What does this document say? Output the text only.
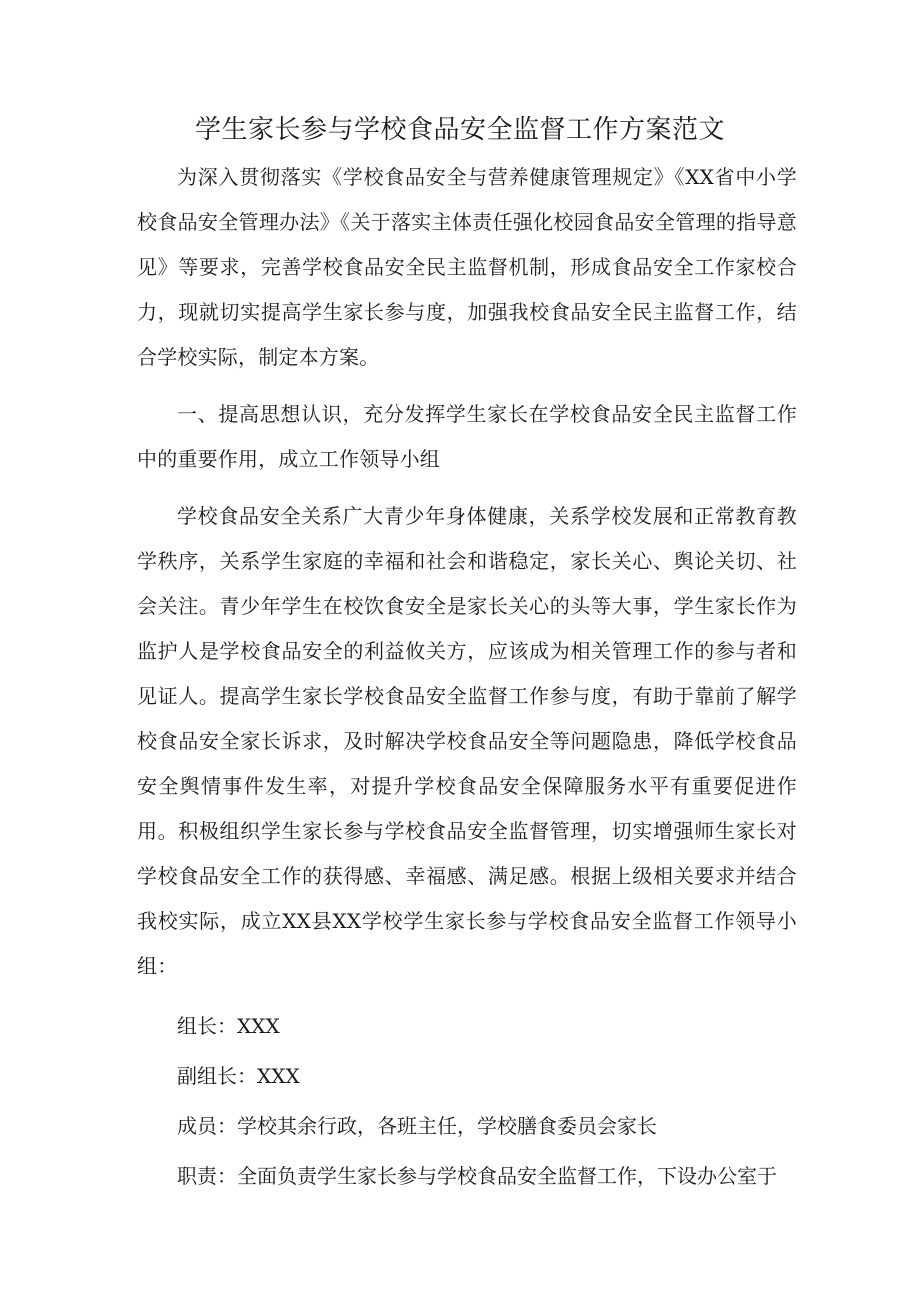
学生家长参与学校食品安全监督工作方案范文

为深入贯彻落实《学校食品安全与营养健康管理规定》《XX省中小学校食品安全管理办法》《关于落实主体责任强化校园食品安全管理的指导意见》等要求，完善学校食品安全民主监督机制，形成食品安全工作家校合力，现就切实提高学生家长参与度，加强我校食品安全民主监督工作，结合学校实际，制定本方案。

一、提高思想认识，充分发挥学生家长在学校食品安全民主监督工作中的重要作用，成立工作领导小组

学校食品安全关系广大青少年身体健康，关系学校发展和正常教育教学秩序，关系学生家庭的幸福和社会和谐稳定，家长关心、舆论关切、社会关注。青少年学生在校饮食安全是家长关心的头等大事，学生家长作为监护人是学校食品安全的利益攸关方，应该成为相关管理工作的参与者和见证人。提高学生家长学校食品安全监督工作参与度，有助于靠前了解学校食品安全家长诉求，及时解决学校食品安全等问题隐患，降低学校食品安全舆情事件发生率，对提升学校食品安全保障服务水平有重要促进作用。积极组织学生家长参与学校食品安全监督管理，切实增强师生家长对学校食品安全工作的获得感、幸福感、满足感。根据上级相关要求并结合我校实际，成立XX县XX学校学生家长参与学校食品安全监督工作领导小组：

组长：XXX

副组长：XXX

成员：学校其余行政，各班主任，学校膳食委员会家长

职责：全面负责学生家长参与学校食品安全监督工作，下设办公室于
